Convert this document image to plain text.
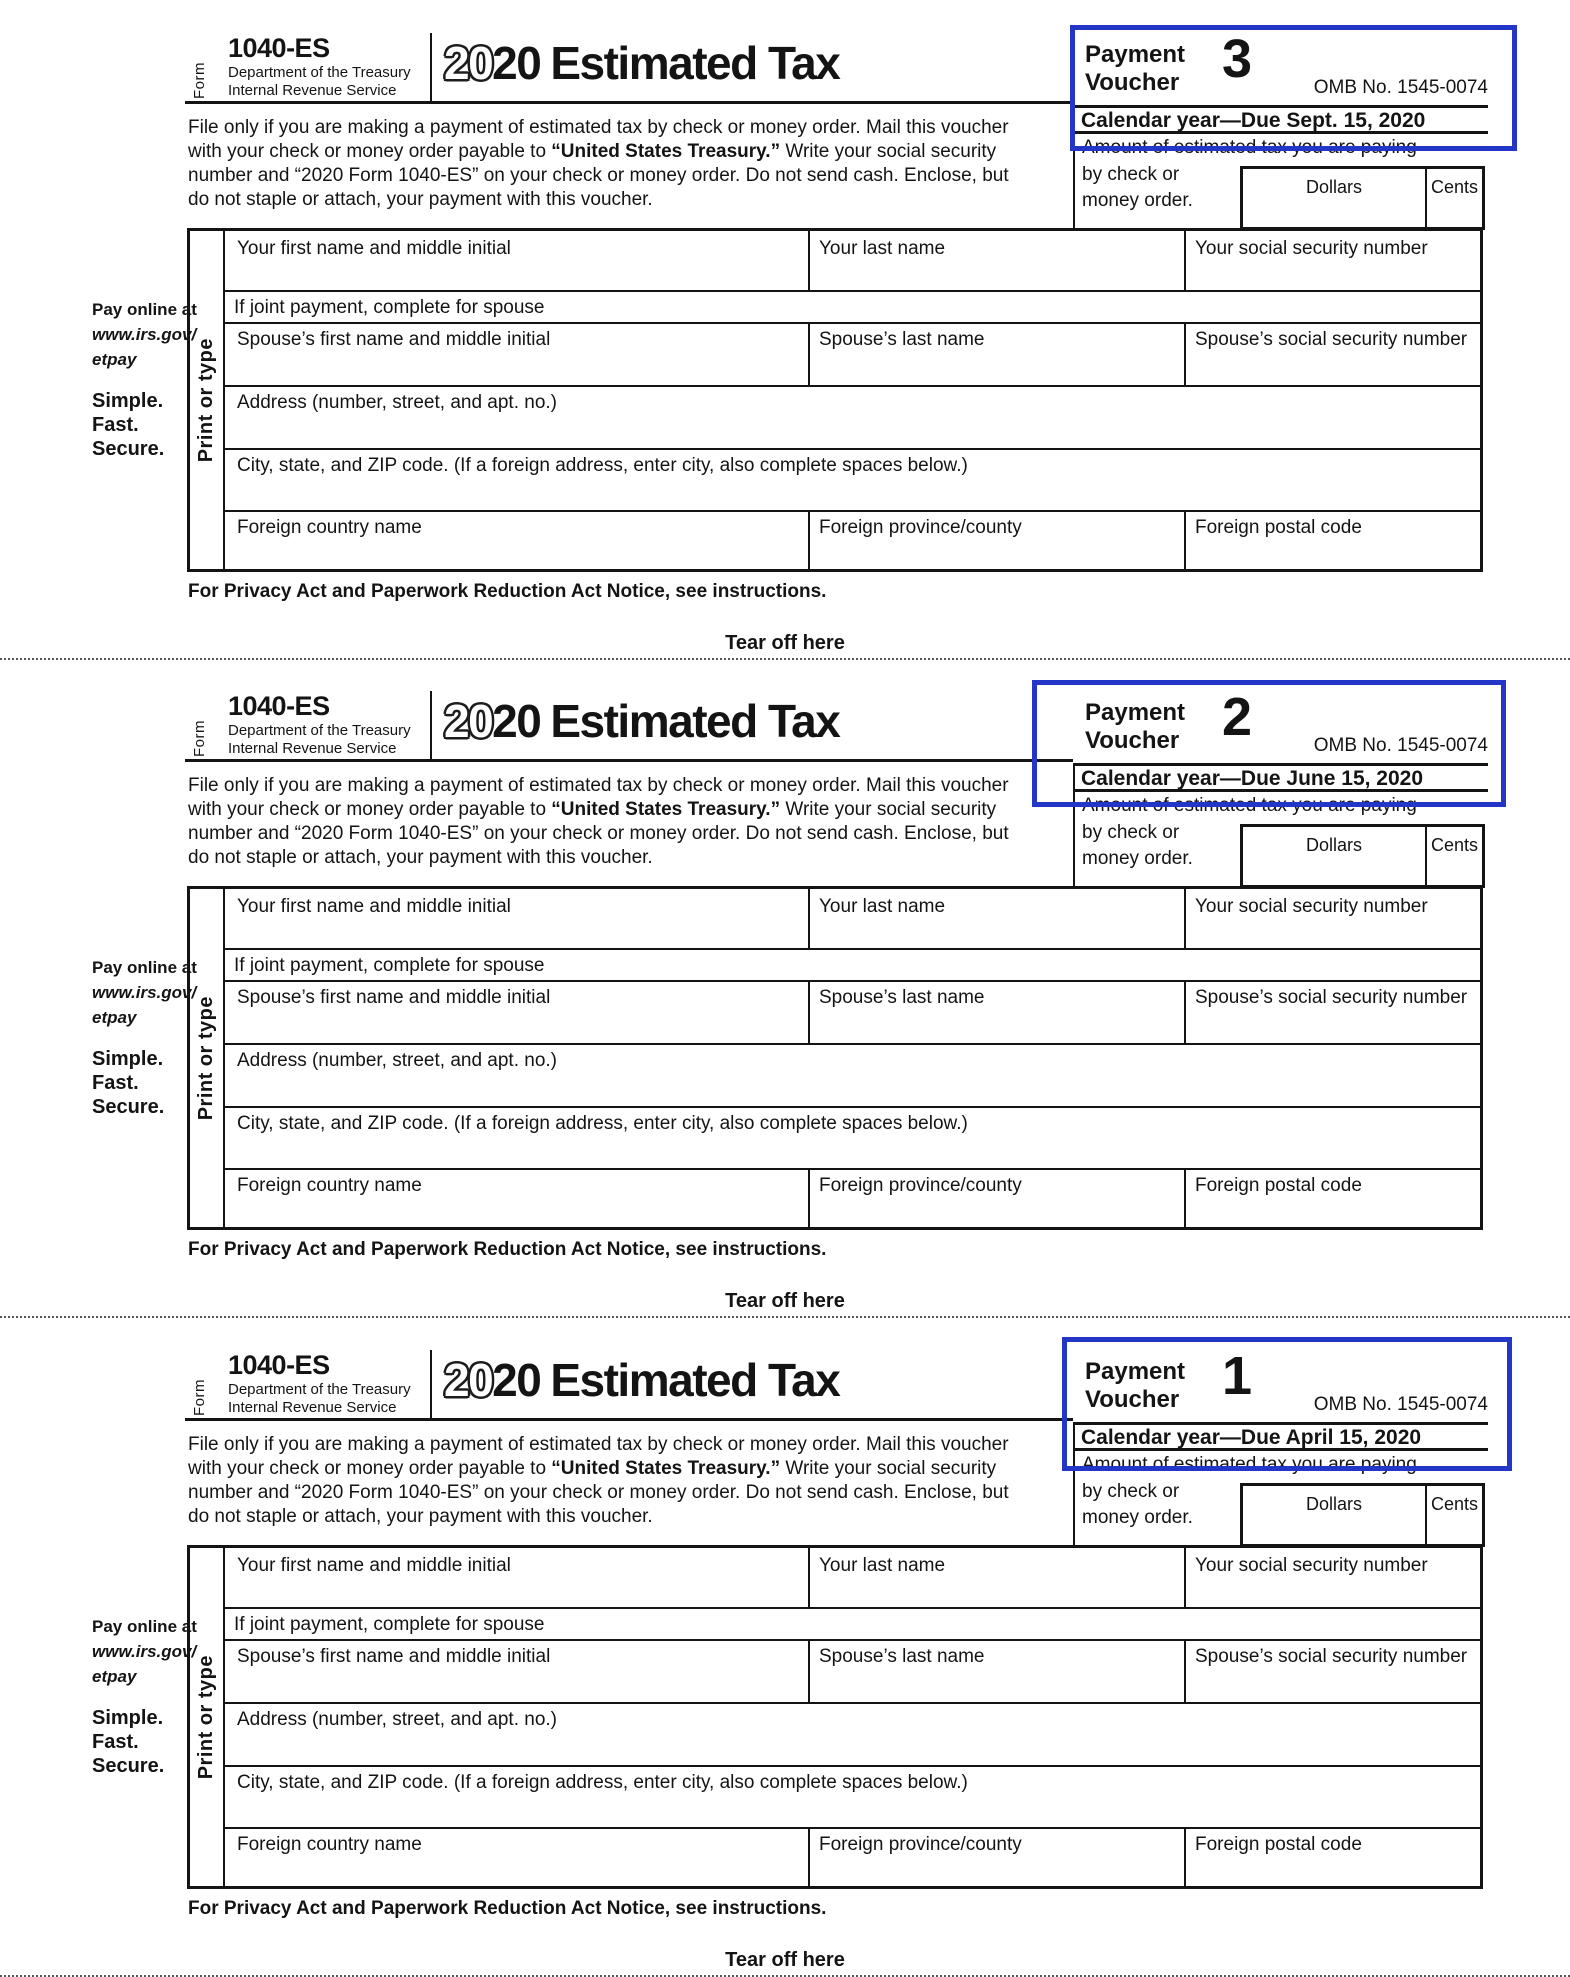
Form
1040-ES
Department of the Treasury
Internal Revenue Service
2020 Estimated Tax

File only if you are making a payment of estimated tax by check or money order. Mail this voucher with your check or money order payable to “United States Treasury.” Write your social security number and “2020 Form 1040-ES” on your check or money order. Do not send cash. Enclose, but do not staple or attach, your payment with this voucher.

Payment
Voucher 3	OMB No. 1545-0074
Calendar year—Due Sept. 15, 2020
Amount of estimated tax you are paying
by check or
money order.
Dollars	Cents
Pay online at
www.irs.gov/
etpay
Simple.
Fast.
Secure. Print or type
Your first name and middle initial	Your last name	Your social security number
If joint payment, complete for spouse
Spouse’s first name and middle initial	Spouse’s last name	Spouse’s social security number
Address (number, street, and apt. no.)
City, state, and ZIP code. (If a foreign address, enter city, also complete spaces below.)
Foreign country name	Foreign province/county	Foreign postal code
For Privacy Act and Paperwork Reduction Act Notice, see instructions.
Tear off here
Form
1040-ES
Department of the Treasury
Internal Revenue Service
2020 Estimated Tax

File only if you are making a payment of estimated tax by check or money order. Mail this voucher with your check or money order payable to “United States Treasury.” Write your social security number and “2020 Form 1040-ES” on your check or money order. Do not send cash. Enclose, but do not staple or attach, your payment with this voucher.

Payment
Voucher 2	OMB No. 1545-0074
Calendar year—Due June 15, 2020
Amount of estimated tax you are paying
by check or
money order.
Dollars	Cents
Pay online at
www.irs.gov/
etpay
Simple.
Fast.
Secure. Print or type
Your first name and middle initial	Your last name	Your social security number
If joint payment, complete for spouse
Spouse’s first name and middle initial	Spouse’s last name	Spouse’s social security number
Address (number, street, and apt. no.)
City, state, and ZIP code. (If a foreign address, enter city, also complete spaces below.)
Foreign country name	Foreign province/county	Foreign postal code
For Privacy Act and Paperwork Reduction Act Notice, see instructions.
Tear off here
Form
1040-ES
Department of the Treasury
Internal Revenue Service
2020 Estimated Tax

File only if you are making a payment of estimated tax by check or money order. Mail this voucher with your check or money order payable to “United States Treasury.” Write your social security number and “2020 Form 1040-ES” on your check or money order. Do not send cash. Enclose, but do not staple or attach, your payment with this voucher.

Payment
Voucher 1	OMB No. 1545-0074
Calendar year—Due April 15, 2020
Amount of estimated tax you are paying
by check or
money order.
Dollars	Cents
Pay online at
www.irs.gov/
etpay
Simple.
Fast.
Secure. Print or type
Your first name and middle initial	Your last name	Your social security number
If joint payment, complete for spouse
Spouse’s first name and middle initial	Spouse’s last name	Spouse’s social security number
Address (number, street, and apt. no.)
City, state, and ZIP code. (If a foreign address, enter city, also complete spaces below.)
Foreign country name	Foreign province/county	Foreign postal code
For Privacy Act and Paperwork Reduction Act Notice, see instructions.
Tear off here
